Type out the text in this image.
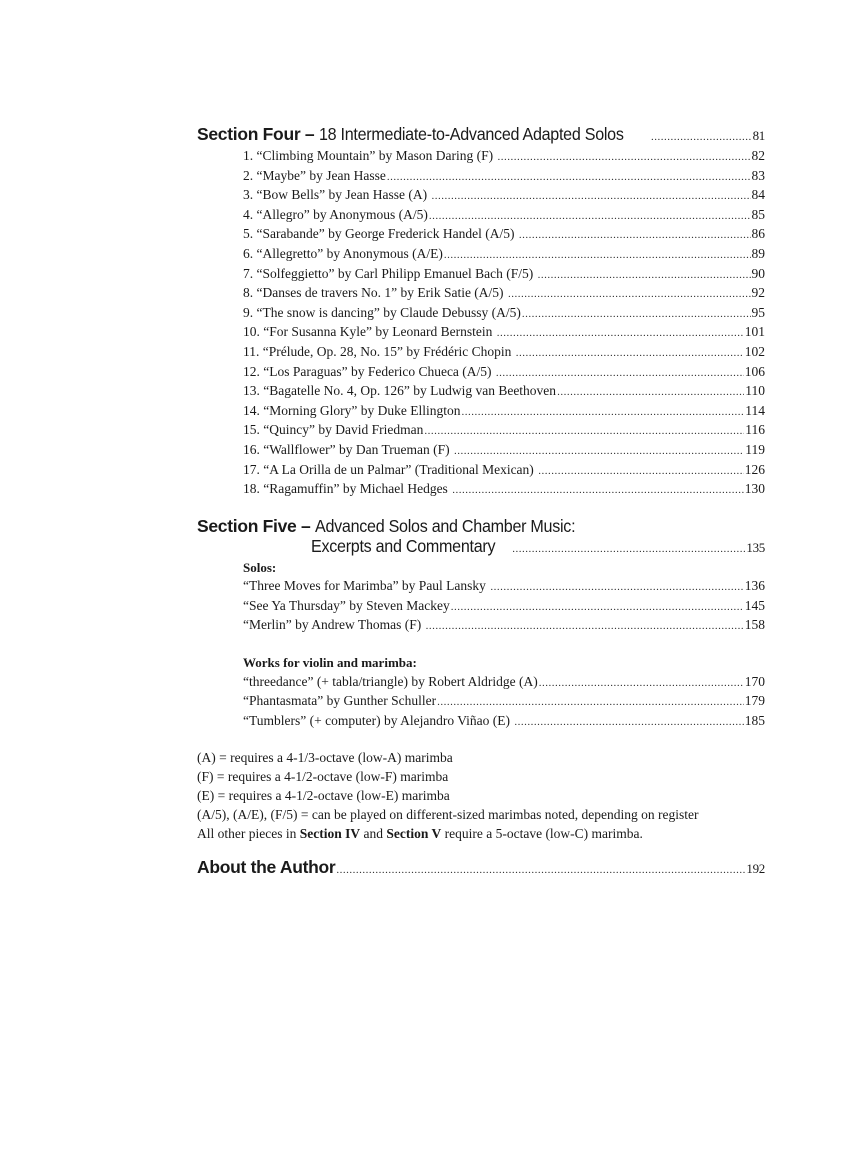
Section Four – 18 Intermediate-to-Advanced Adapted Solos .....	81
1. “Climbing Mountain” by Mason Daring (F) .....	82
2. “Maybe” by Jean Hasse .....	83
3. “Bow Bells” by Jean Hasse (A) .....	84
4. “Allegro” by Anonymous (A/5) .....	85
5. “Sarabande” by George Frederick Handel (A/5) .....	86
6. “Allegretto” by Anonymous (A/E) .....	89
7. “Solfeggietto” by Carl Philipp Emanuel Bach (F/5) .....	90
8. “Danses de travers No. 1” by Erik Satie (A/5) .....	92
9. “The snow is dancing” by Claude Debussy (A/5) .....	95
10. “For Susanna Kyle” by Leonard Bernstein .....	101
11. “Prélude, Op. 28, No. 15” by Frédéric Chopin .....	102
12. “Los Paraguas” by Federico Chueca (A/5) .....	106
13. “Bagatelle No. 4, Op. 126” by Ludwig van Beethoven .....	110
14. “Morning Glory” by Duke Ellington .....	114
15. “Quincy” by David Friedman .....	116
16. “Wallflower” by Dan Trueman (F) .....	119
17. “A La Orilla de un Palmar” (Traditional Mexican) .....	126
18. “Ragamuffin” by Michael Hedges .....	130
Section Five – Advanced Solos and Chamber Music:
Excerpts and Commentary .....	135
Solos:
“Three Moves for Marimba” by Paul Lansky .....	136
“See Ya Thursday” by Steven Mackey .....	145
“Merlin” by Andrew Thomas (F) .....	158
Works for violin and marimba:
“threedance” (+ tabla/triangle) by Robert Aldridge (A) .....	170
“Phantasmata” by Gunther Schuller .....	179
“Tumblers” (+ computer) by Alejandro Viñao (E) .....	185
(A) = requires a 4-1/3-octave (low-A) marimba
(F) = requires a 4-1/2-octave (low-F) marimba
(E) = requires a 4-1/2-octave (low-E) marimba
(A/5), (A/E), (F/5) = can be played on different-sized marimbas noted, depending on register
All other pieces in Section IV and Section V require a 5-octave (low-C) marimba.
About the Author .....	192
